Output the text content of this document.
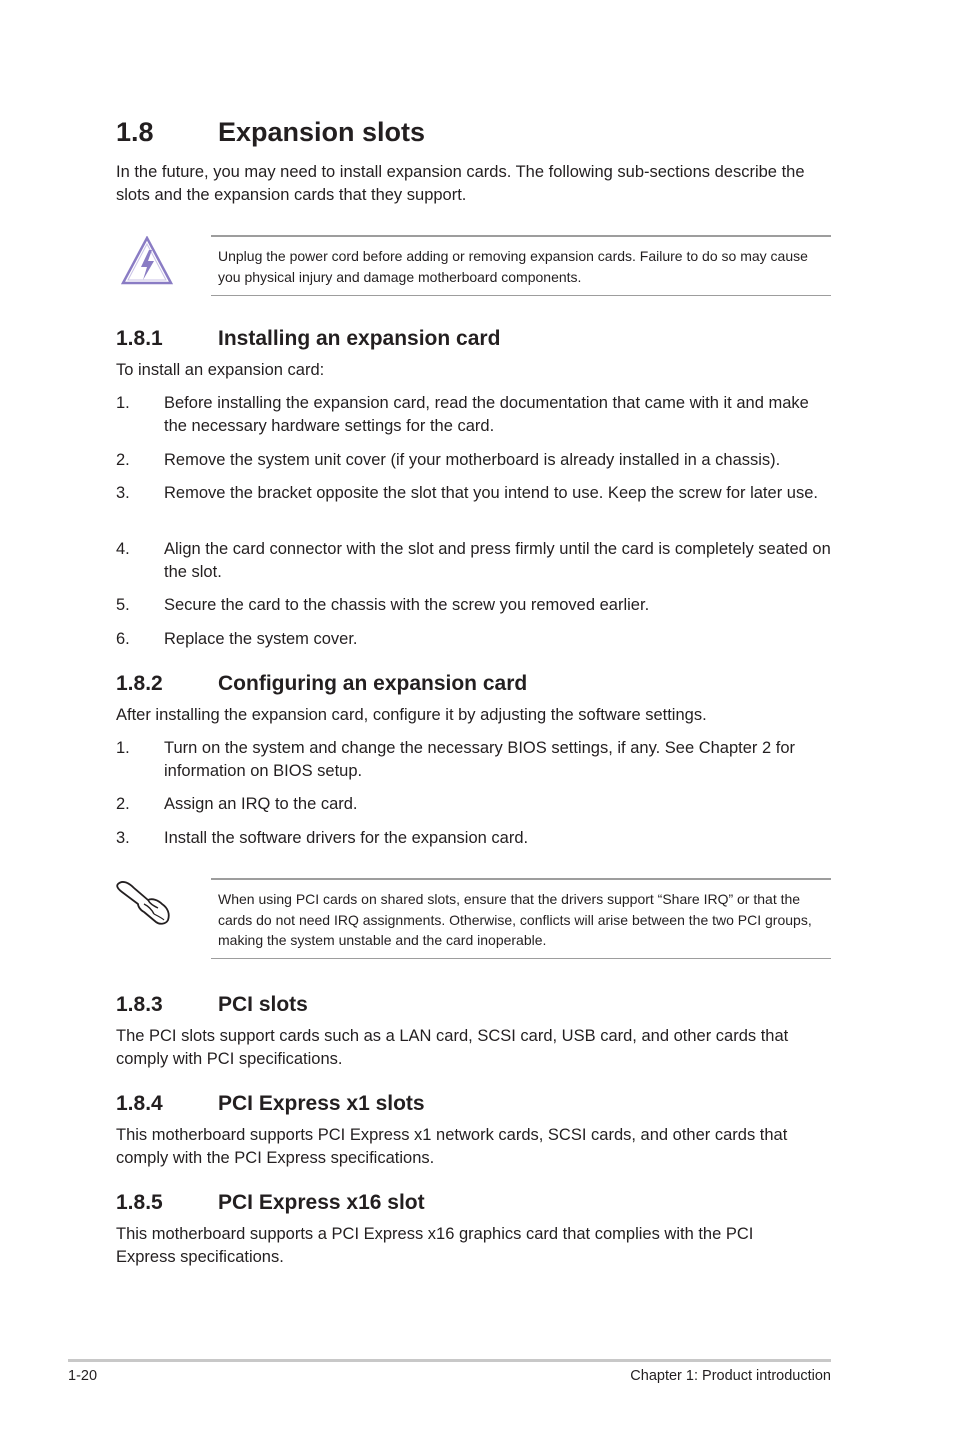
1.8 Expansion slots
In the future, you may need to install expansion cards. The following sub-sections describe the slots and the expansion cards that they support.
Unplug the power cord before adding or removing expansion cards. Failure to do so may cause you physical injury and damage motherboard components.
1.8.1	Installing an expansion card
To install an expansion card:
1. Before installing the expansion card, read the documentation that came with it and make the necessary hardware settings for the card.
2. Remove the system unit cover (if your motherboard is already installed in a chassis).
3. Remove the bracket opposite the slot that you intend to use. Keep the screw for later use.
4. Align the card connector with the slot and press firmly until the card is completely seated on the slot.
5. Secure the card to the chassis with the screw you removed earlier.
6. Replace the system cover.
1.8.2	Configuring an expansion card
After installing the expansion card, configure it by adjusting the software settings.
1. Turn on the system and change the necessary BIOS settings, if any. See Chapter 2 for information on BIOS setup.
2. Assign an IRQ to the card.
3. Install the software drivers for the expansion card.
When using PCI cards on shared slots, ensure that the drivers support “Share IRQ” or that the cards do not need IRQ assignments. Otherwise, conflicts will arise between the two PCI groups, making the system unstable and the card inoperable.
1.8.3	PCI slots
The PCI slots support cards such as a LAN card, SCSI card, USB card, and other cards that comply with PCI specifications.
1.8.4	PCI Express x1 slots
This motherboard supports PCI Express x1 network cards, SCSI cards, and other cards that comply with the PCI Express specifications.
1.8.5	PCI Express x16 slot
This motherboard supports a PCI Express x16 graphics card that complies with the PCI Express specifications.
1-20	Chapter 1: Product introduction
